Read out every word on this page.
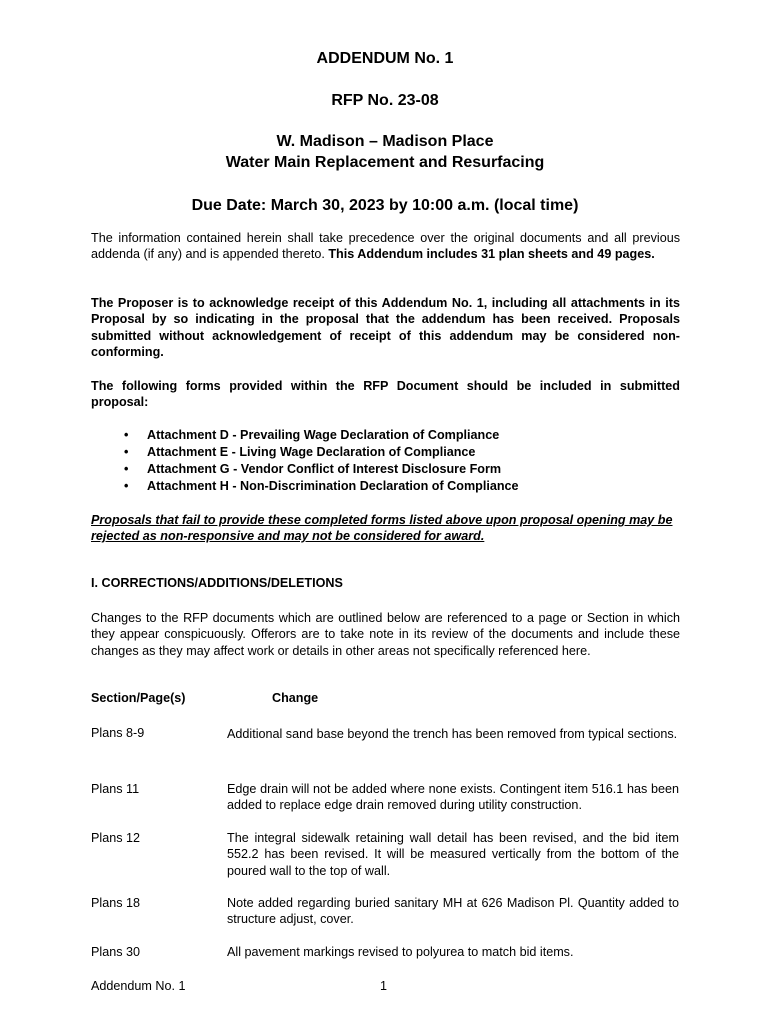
ADDENDUM No. 1
RFP No. 23-08
W. Madison – Madison Place
Water Main Replacement and Resurfacing
Due Date: March 30, 2023 by 10:00 a.m. (local time)
The information contained herein shall take precedence over the original documents and all previous addenda (if any) and is appended thereto. This Addendum includes 31 plan sheets and 49 pages.
The Proposer is to acknowledge receipt of this Addendum No. 1, including all attachments in its Proposal by so indicating in the proposal that the addendum has been received. Proposals submitted without acknowledgement of receipt of this addendum may be considered non-conforming.
The following forms provided within the RFP Document should be included in submitted proposal:
• Attachment D - Prevailing Wage Declaration of Compliance
• Attachment E - Living Wage Declaration of Compliance
• Attachment G - Vendor Conflict of Interest Disclosure Form
• Attachment H - Non-Discrimination Declaration of Compliance
Proposals that fail to provide these completed forms listed above upon proposal opening may be rejected as non-responsive and may not be considered for award.
I. CORRECTIONS/ADDITIONS/DELETIONS
Changes to the RFP documents which are outlined below are referenced to a page or Section in which they appear conspicuously. Offerors are to take note in its review of the documents and include these changes as they may affect work or details in other areas not specifically referenced here.
Section/Page(s)	Change
Plans 8-9	Additional sand base beyond the trench has been removed from typical sections.
Plans 11	Edge drain will not be added where none exists. Contingent item 516.1 has been added to replace edge drain removed during utility construction.
Plans 12	The integral sidewalk retaining wall detail has been revised, and the bid item 552.2 has been revised. It will be measured vertically from the bottom of the poured wall to the top of wall.
Plans 18	Note added regarding buried sanitary MH at 626 Madison Pl. Quantity added to structure adjust, cover.
Plans 30	All pavement markings revised to polyurea to match bid items.
Addendum No. 1	1
